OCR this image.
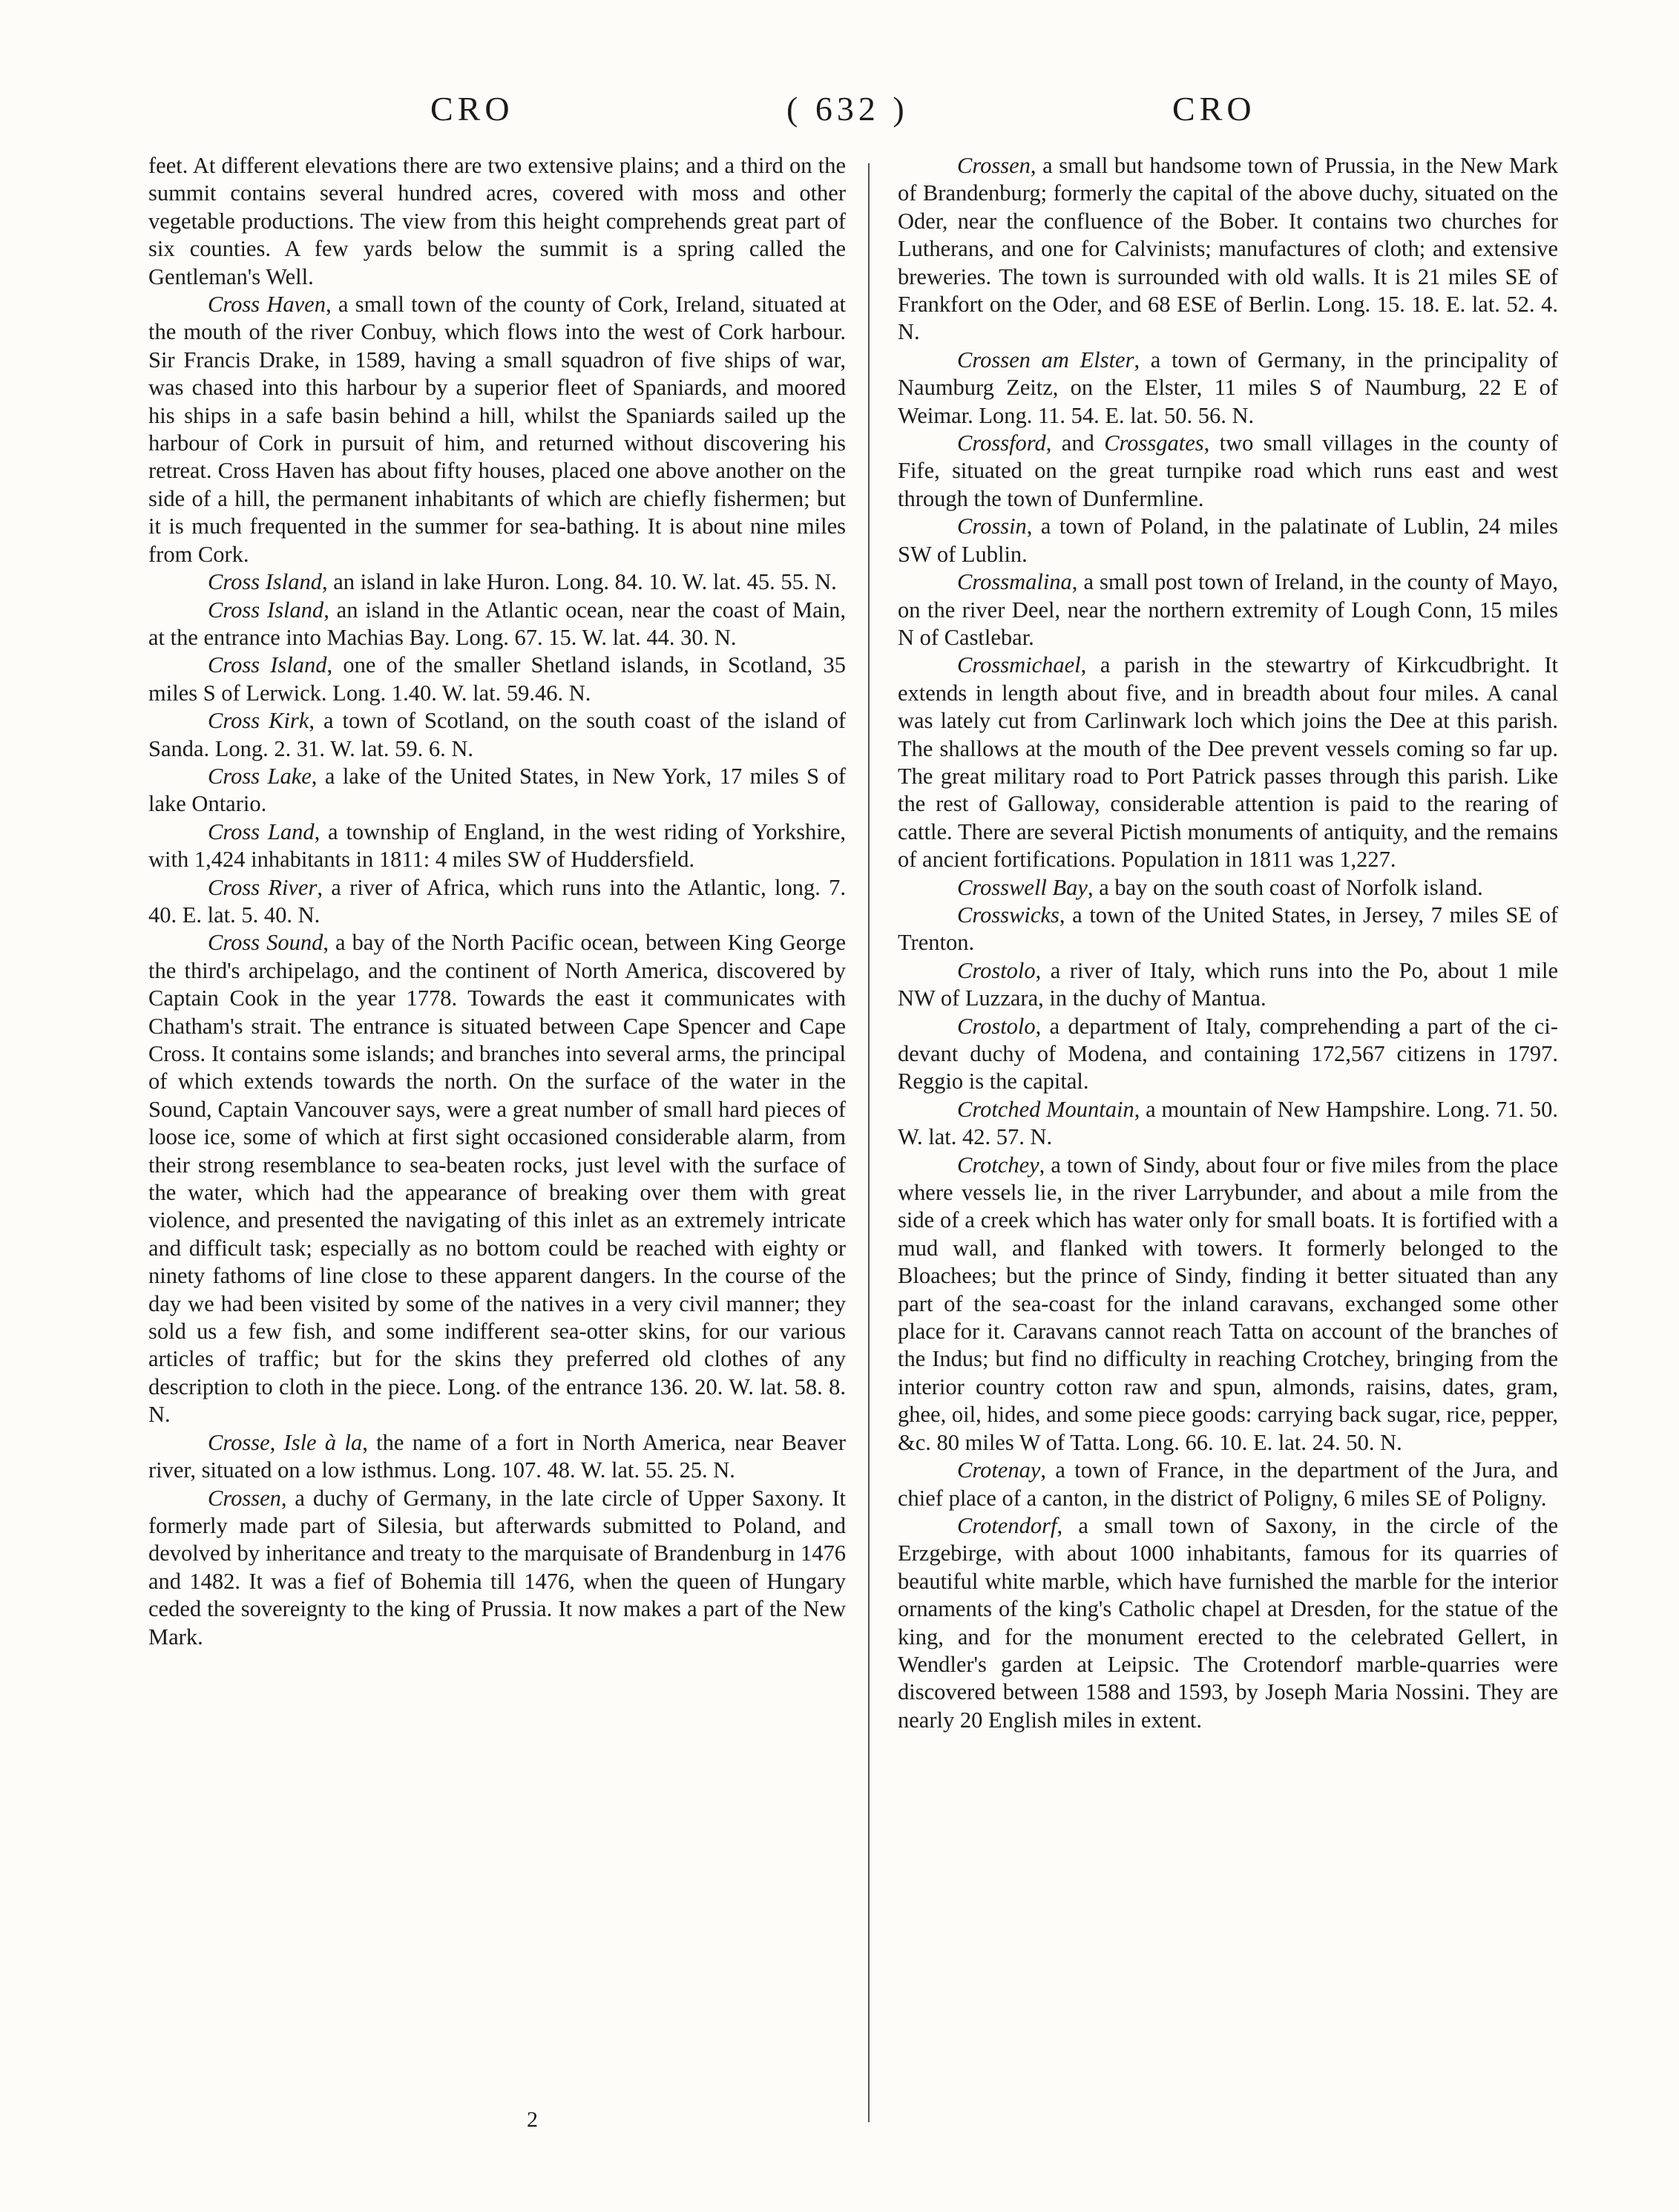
CRO	( 632 )	CRO

feet. At different elevations there are two extensive plains; and a third on the summit contains several hundred acres, covered with moss and other vegetable productions. The view from this height comprehends great part of six counties. A few yards below the summit is a spring called the Gentleman's Well.

Cross Haven, a small town of the county of Cork, Ireland, situated at the mouth of the river Conbuy, which flows into the west of Cork harbour. Sir Francis Drake, in 1589, having a small squadron of five ships of war, was chased into this harbour by a superior fleet of Spaniards, and moored his ships in a safe basin behind a hill, whilst the Spaniards sailed up the harbour of Cork in pursuit of him, and returned without discovering his retreat. Cross Haven has about fifty houses, placed one above another on the side of a hill, the permanent inhabitants of which are chiefly fishermen; but it is much frequented in the summer for sea-bathing. It is about nine miles from Cork.

Cross Island, an island in lake Huron. Long. 84. 10. W. lat. 45. 55. N.

Cross Island, an island in the Atlantic ocean, near the coast of Main, at the entrance into Machias Bay. Long. 67. 15. W. lat. 44. 30. N.

Cross Island, one of the smaller Shetland islands, in Scotland, 35 miles S of Lerwick. Long. 1.40. W. lat. 59.46. N.

Cross Kirk, a town of Scotland, on the south coast of the island of Sanda. Long. 2. 31. W. lat. 59. 6. N.

Cross Lake, a lake of the United States, in New York, 17 miles S of lake Ontario.

Cross Land, a township of England, in the west riding of Yorkshire, with 1,424 inhabitants in 1811: 4 miles SW of Huddersfield.

Cross River, a river of Africa, which runs into the Atlantic, long. 7. 40. E. lat. 5. 40. N.

Cross Sound, a bay of the North Pacific ocean, between King George the third's archipelago, and the continent of North America, discovered by Captain Cook in the year 1778. Towards the east it communicates with Chatham's strait. The entrance is situated between Cape Spencer and Cape Cross. It contains some islands; and branches into several arms, the principal of which extends towards the north. On the surface of the water in the Sound, Captain Vancouver says, were a great number of small hard pieces of loose ice, some of which at first sight occasioned considerable alarm, from their strong resemblance to sea-beaten rocks, just level with the surface of the water, which had the appearance of breaking over them with great violence, and presented the navigating of this inlet as an extremely intricate and difficult task; especially as no bottom could be reached with eighty or ninety fathoms of line close to these apparent dangers. In the course of the day we had been visited by some of the natives in a very civil manner; they sold us a few fish, and some indifferent sea-otter skins, for our various articles of traffic; but for the skins they preferred old clothes of any description to cloth in the piece. Long. of the entrance 136. 20. W. lat. 58. 8. N.

Crosse, Isle à la, the name of a fort in North America, near Beaver river, situated on a low isthmus. Long. 107. 48. W. lat. 55. 25. N.

Crossen, a duchy of Germany, in the late circle of Upper Saxony. It formerly made part of Silesia, but afterwards submitted to Poland, and devolved by inheritance and treaty to the marquisate of Brandenburg in 1476 and 1482. It was a fief of Bohemia till 1476, when the queen of Hungary ceded the sovereignty to the king of Prussia. It now makes a part of the New Mark.

Crossen, a small but handsome town of Prussia, in the New Mark of Brandenburg; formerly the capital of the above duchy, situated on the Oder, near the confluence of the Bober. It contains two churches for Lutherans, and one for Calvinists; manufactures of cloth; and extensive breweries. The town is surrounded with old walls. It is 21 miles SE of Frankfort on the Oder, and 68 ESE of Berlin. Long. 15. 18. E. lat. 52. 4. N.

Crossen am Elster, a town of Germany, in the principality of Naumburg Zeitz, on the Elster, 11 miles S of Naumburg, 22 E of Weimar. Long. 11. 54. E. lat. 50. 56. N.

Crossford, and Crossgates, two small villages in the county of Fife, situated on the great turnpike road which runs east and west through the town of Dunfermline.

Crossin, a town of Poland, in the palatinate of Lublin, 24 miles SW of Lublin.

Crossmalina, a small post town of Ireland, in the county of Mayo, on the river Deel, near the northern extremity of Lough Conn, 15 miles N of Castlebar.

Crossmichael, a parish in the stewartry of Kirkcudbright. It extends in length about five, and in breadth about four miles. A canal was lately cut from Carlinwark loch which joins the Dee at this parish. The shallows at the mouth of the Dee prevent vessels coming so far up. The great military road to Port Patrick passes through this parish. Like the rest of Galloway, considerable attention is paid to the rearing of cattle. There are several Pictish monuments of antiquity, and the remains of ancient fortifications. Population in 1811 was 1,227.

Crosswell Bay, a bay on the south coast of Norfolk island.

Crosswicks, a town of the United States, in Jersey, 7 miles SE of Trenton.

Crostolo, a river of Italy, which runs into the Po, about 1 mile NW of Luzzara, in the duchy of Mantua.

Crostolo, a department of Italy, comprehending a part of the ci-devant duchy of Modena, and containing 172,567 citizens in 1797. Reggio is the capital.

Crotched Mountain, a mountain of New Hampshire. Long. 71. 50. W. lat. 42. 57. N.

Crotchey, a town of Sindy, about four or five miles from the place where vessels lie, in the river Larrybunder, and about a mile from the side of a creek which has water only for small boats. It is fortified with a mud wall, and flanked with towers. It formerly belonged to the Bloachees; but the prince of Sindy, finding it better situated than any part of the sea-coast for the inland caravans, exchanged some other place for it. Caravans cannot reach Tatta on account of the branches of the Indus; but find no difficulty in reaching Crotchey, bringing from the interior country cotton raw and spun, almonds, raisins, dates, gram, ghee, oil, hides, and some piece goods: carrying back sugar, rice, pepper, &c. 80 miles W of Tatta. Long. 66. 10. E. lat. 24. 50. N.

Crotenay, a town of France, in the department of the Jura, and chief place of a canton, in the district of Poligny, 6 miles SE of Poligny.

Crotendorf, a small town of Saxony, in the circle of the Erzgebirge, with about 1000 inhabitants, famous for its quarries of beautiful white marble, which have furnished the marble for the interior ornaments of the king's Catholic chapel at Dresden, for the statue of the king, and for the monument erected to the celebrated Gellert, in Wendler's garden at Leipsic. The Crotendorf marble-quarries were discovered between 1588 and 1593, by Joseph Maria Nossini. They are nearly 20 English miles in extent.

2
